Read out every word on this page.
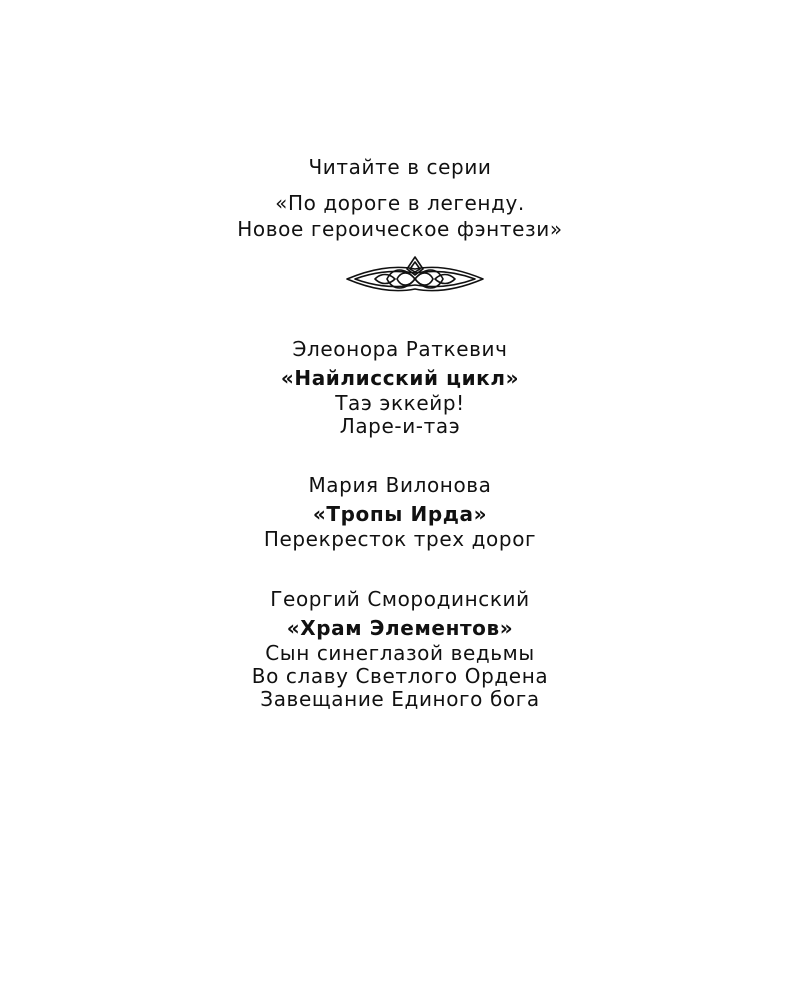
Читайте в серии
«По дороге в легенду.
Новое героическое фэнтези»
Элеонора Раткевич
«Найлисский цикл»
Таэ эккейр!
Ларе-и-таэ
Мария Вилонова
«Тропы Ирда»
Перекресток трех дорог
Георгий Смородинский
«Храм Элементов»
Сын синеглазой ведьмы
Во славу Светлого Ордена
Завещание Единого бога
